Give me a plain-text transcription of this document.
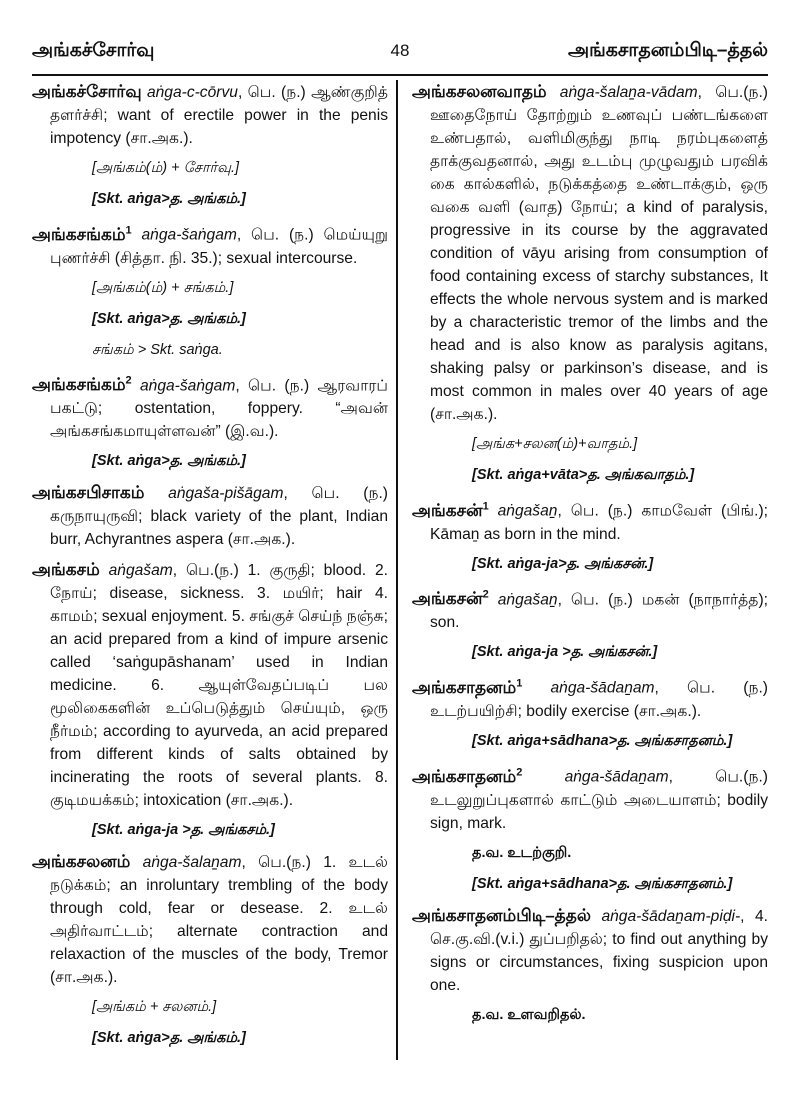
அங்கச்சோர்வு	48	அங்கசாதனம்பிடி–த்தல்

அங்கச்சோர்வு aṅga-c-cōrvu, பெ. (ந.) ஆண்குறித் தளர்ச்சி; want of erectile power in the penis impotency (சா.அக.).

[அங்கம்(ம்) + சோர்வு.]

[Skt. aṅga>த. அங்கம்.]

அங்கசங்கம்$^1$ aṅga-šaṅgam, பெ. (ந.) மெய்யுறு புணர்ச்சி (சித்தா. நி. 35.); sexual intercourse.

[அங்கம்(ம்) + சங்கம்.]

[Skt. aṅga>த. அங்கம்.]

சங்கம் > Skt. saṅga.

அங்கசங்கம்$^2$ aṅga-šaṅgam, பெ. (ந.) ஆரவாரப் பகட்டு; ostentation, foppery. “அவன் அங்கசங்கமாயுள்ளவன்” (இ.வ.).

[Skt. aṅga>த. அங்கம்.]

அங்கசபிசாகம் aṅgaša-pišāgam, பெ. (ந.) கருநாயுருவி; black variety of the plant, Indian burr, Achyrantnes aspera (சா.அக.).

அங்கசம் aṅgašam, பெ.(ந.) 1. குருதி; blood. 2. நோய்; disease, sickness. 3. மயிர்; hair 4. காமம்; sexual enjoyment. 5. சங்குச் செய்ந் நஞ்சு; an acid prepared from a kind of impure arsenic called ‘saṅgupāshanam’ used in Indian medicine. 6. ஆயுள்வேதப்படிப் பல மூலிகைகளின் உப்பெடுத்தும் செய்யும், ஒரு நீர்மம்; according to ayurveda, an acid prepared from different kinds of salts obtained by incinerating the roots of several plants. 8. குடிமயக்கம்; intoxication (சா.அக.).

[Skt. aṅga-ja >த. அங்கசம்.]

அங்கசலனம் aṅga-šalaṉam, பெ.(ந.) 1. உடல் நடுக்கம்; an inroluntary trembling of the body through cold, fear or desease. 2. உடல் அதிர்வாட்டம்; alternate contraction and relaxaction of the muscles of the body, Tremor (சா.அக.).

[அங்கம் + சலனம்.]

[Skt. aṅga>த. அங்கம்.]

அங்கசலனவாதம் aṅga-šalaṉa-vādam, பெ.(ந.) ஊதைநோய் தோற்றும் உணவுப் பண்டங்களை உண்பதால், வளிமிகுந்து நாடி நரம்புகளைத் தாக்குவதனால், அது உடம்பு முழுவதும் பரவிக் கை கால்களில், நடுக்கத்தை உண்டாக்கும், ஒரு வகை வளி (வாத) நோய்; a kind of paralysis, progressive in its course by the aggravated condition of vāyu arising from consumption of food containing excess of starchy substances, It effects the whole nervous system and is marked by a characteristic tremor of the limbs and the head and is also know as paralysis agitans, shaking palsy or parkinson’s disease, and is most common in males over 40 years of age (சா.அக.).

[அங்க+சலன(ம்)+வாதம்.]

[Skt. aṅga+vāta>த. அங்கவாதம்.]

அங்கசன்$^1$ aṅgašaṉ, பெ. (ந.) காமவேள் (பிங்.); Kāmaṉ as born in the mind.

[Skt. aṅga-ja>த. அங்கசன்.]

அங்கசன்$^2$ aṅgašaṉ, பெ. (ந.) மகன் (நாநார்த்த); son.

[Skt. aṅga-ja >த. அங்கசன்.]

அங்கசாதனம்$^1$ aṅga-šādaṉam, பெ. (ந.) உடற்பயிற்சி; bodily exercise (சா.அக.).

[Skt. aṅga+sādhana>த. அங்கசாதனம்.]

அங்கசாதனம்$^2$ aṅga-šādaṉam, பெ.(ந.) உடலுறுப்புகளால் காட்டும் அடையாளம்; bodily sign, mark.

த.வ. உடற்குறி.

[Skt. aṅga+sādhana>த. அங்கசாதனம்.]

அங்கசாதனம்பிடி–த்தல் aṅga-šādaṉam-piḍi-, 4. செ.கு.வி.(v.i.) துப்பறிதல்; to find out anything by signs or circumstances, fixing suspicion upon one.

த.வ. உளவறிதல்.
